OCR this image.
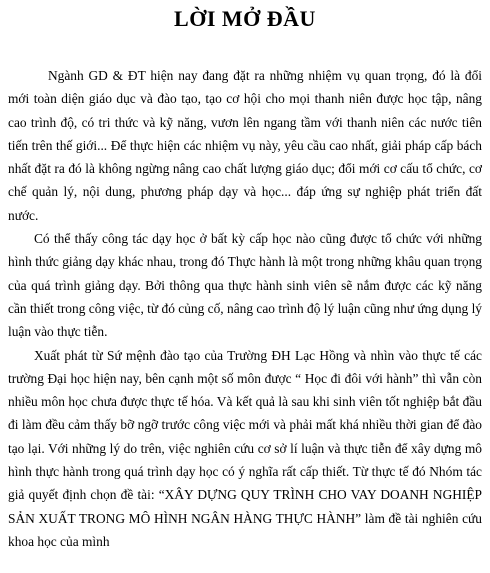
LỜI MỞ ĐẦU

Ngành GD & ĐT hiện nay đang đặt ra những nhiệm vụ quan trọng, đó là đổi mới toàn diện giáo dục và đào tạo, tạo cơ hội cho mọi thanh niên được học tập, nâng cao trình độ, có tri thức và kỹ năng, vươn lên ngang tầm với thanh niên các nước tiên tiến trên thế giới... Để thực hiện các nhiệm vụ này, yêu cầu cao nhất, giải pháp cấp bách nhất đặt ra đó là không ngừng nâng cao chất lượng giáo dục; đổi mới cơ cấu tổ chức, cơ chế quản lý, nội dung, phương pháp dạy và học... đáp ứng sự nghiệp phát triển đất nước.

Có thể thấy công tác dạy học ở bất kỳ cấp học nào cũng được tổ chức với những hình thức giảng dạy khác nhau, trong đó Thực hành là một trong những khâu quan trọng của quá trình giảng dạy. Bởi thông qua thực hành sinh viên sẽ nắm được các kỹ năng cần thiết trong công việc, từ đó củng cố, nâng cao trình độ lý luận cũng như ứng dụng lý luận vào thực tiễn.

Xuất phát từ Sứ mệnh đào tạo của Trường ĐH Lạc Hồng và nhìn vào thực tế các trường Đại học hiện nay, bên cạnh một số môn được “ Học đi đôi với hành” thì vẫn còn nhiều môn học chưa được thực tế hóa. Và kết quả là sau khi sinh viên tốt nghiệp bắt đầu đi làm đều cảm thấy bỡ ngỡ trước công việc mới và phải mất khá nhiều thời gian để đào tạo lại. Với những lý do trên, việc nghiên cứu cơ sở lí luận và thực tiễn để xây dựng mô hình thực hành trong quá trình dạy học có ý nghĩa rất cấp thiết. Từ thực tế đó Nhóm tác giả quyết định chọn đề tài: “XÂY DỰNG QUY TRÌNH CHO VAY DOANH NGHIỆP SẢN XUẤT TRONG MÔ HÌNH NGÂN HÀNG THỰC HÀNH” làm đề tài nghiên cứu khoa học của mình
